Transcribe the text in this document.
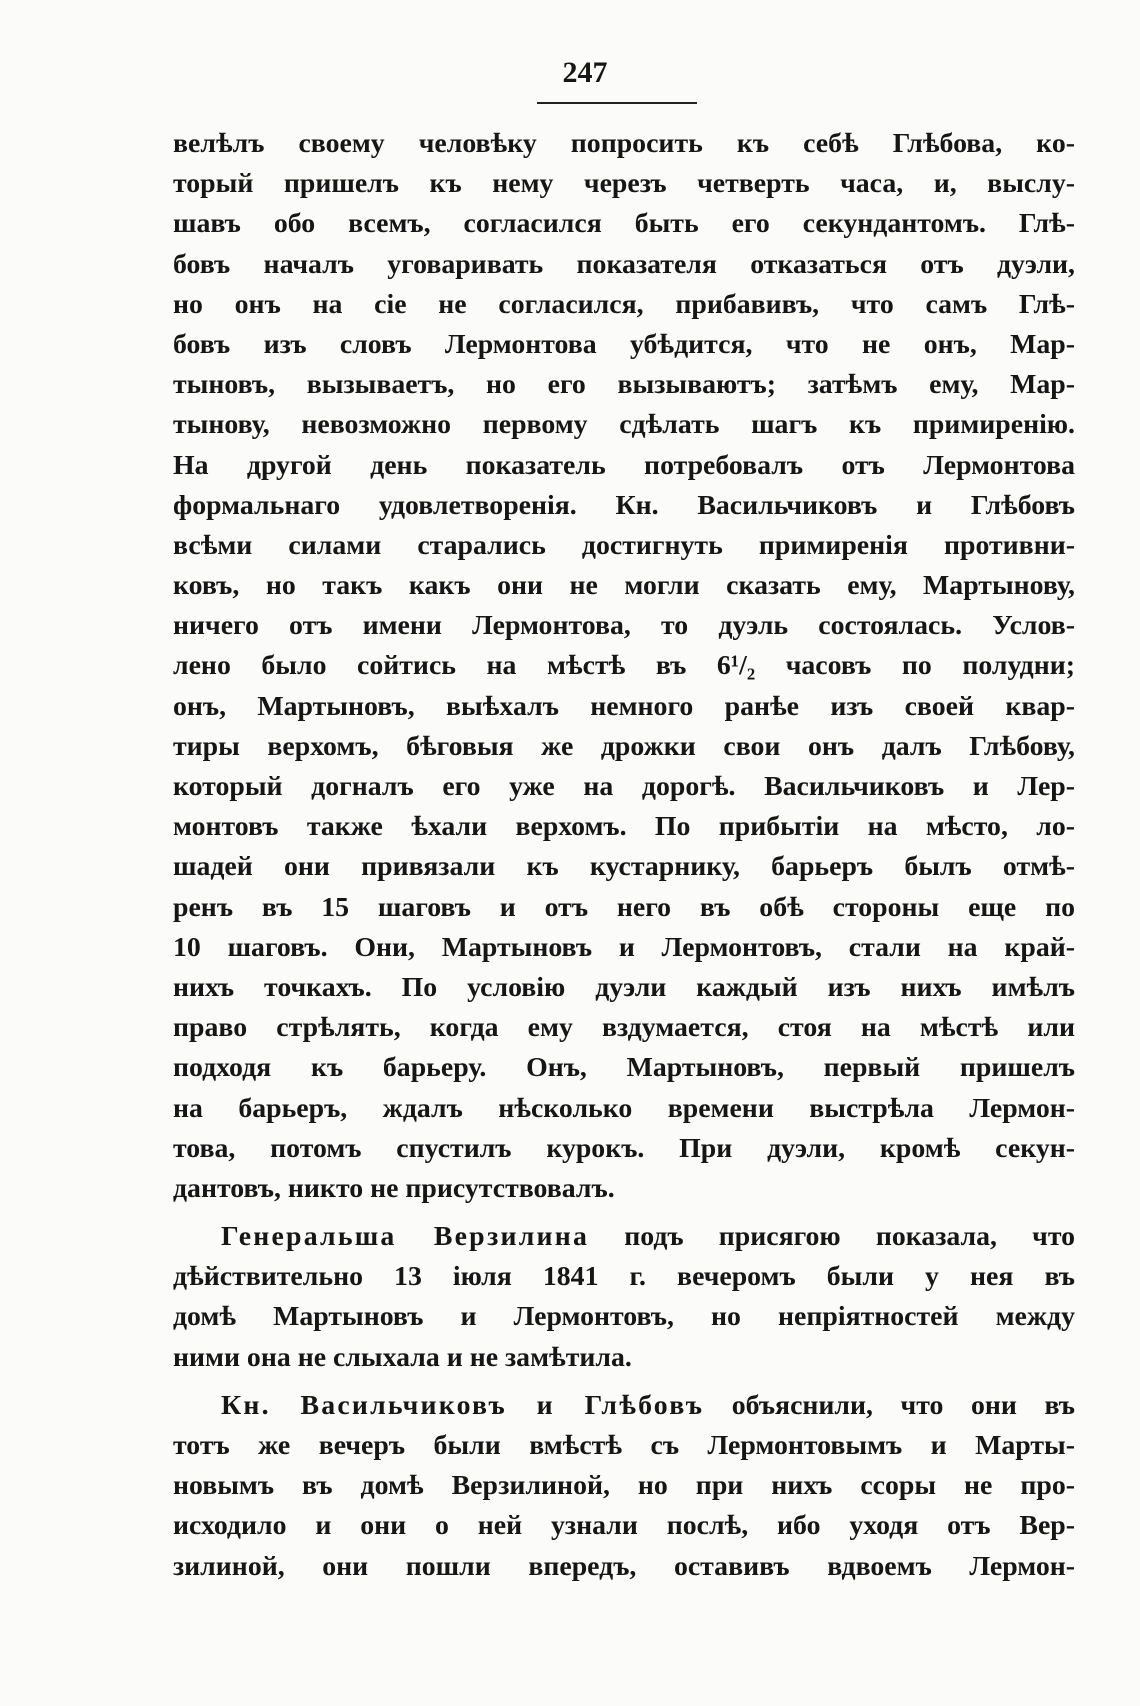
247
велѣлъ своему человѣку попросить къ себѣ Глѣбова, ко-
торый пришелъ къ нему черезъ четверть часа, и, выслу-
шавъ обо всемъ, согласился быть его секундантомъ. Глѣ-
бовъ началъ уговаривать показателя отказаться отъ дуэли,
но онъ на сіе не согласился, прибавивъ, что самъ Глѣ-
бовъ изъ словъ Лермонтова убѣдится, что не онъ, Мар-
тыновъ, вызываетъ, но его вызываютъ; затѣмъ ему, Мар-
тынову, невозможно первому сдѣлать шагъ къ примиренію.
На другой день показатель потребовалъ отъ Лермонтова
формальнаго удовлетворенія. Кн. Васильчиковъ и Глѣбовъ
всѣми силами старались достигнуть примиренія противни-
ковъ, но такъ какъ они не могли сказать ему, Мартынову,
ничего отъ имени Лермонтова, то дуэль состоялась. Услов-
лено было сойтись на мѣстѣ въ 6¹/₂ часовъ по полудни;
онъ, Мартыновъ, выѣхалъ немного ранѣе изъ своей квар-
тиры верхомъ, бѣговыя же дрожки свои онъ далъ Глѣбову,
который догналъ его уже на дорогѣ. Васильчиковъ и Лер-
монтовъ также ѣхали верхомъ. По прибытіи на мѣсто, ло-
шадей они привязали къ кустарнику, барьеръ былъ отмѣ-
ренъ въ 15 шаговъ и отъ него въ обѣ стороны еще по
10 шаговъ. Они, Мартыновъ и Лермонтовъ, стали на край-
нихъ точкахъ. По условію дуэли каждый изъ нихъ имѣлъ
право стрѣлять, когда ему вздумается, стоя на мѣстѣ или
подходя къ барьеру. Онъ, Мартыновъ, первый пришелъ
на барьеръ, ждалъ нѣсколько времени выстрѣла Лермон-
това, потомъ спустилъ курокъ. При дуэли, кромѣ секун-
дантовъ, никто не присутствовалъ.
Генеральша Верзилина подъ присягою показала, что
дѣйствительно 13 іюля 1841 г. вечеромъ были у нея въ
домѣ Мартыновъ и Лермонтовъ, но непріятностей между
ними она не слыхала и не замѣтила.
Кн. Васильчиковъ и Глѣбовъ объяснили, что они въ
тотъ же вечеръ были вмѣстѣ съ Лермонтовымъ и Марты-
новымъ въ домѣ Верзилиной, но при нихъ ссоры не про-
исходило и они о ней узнали послѣ, ибо уходя отъ Вер-
зилиной, они пошли впередъ, оставивъ вдвоемъ Лермон-
